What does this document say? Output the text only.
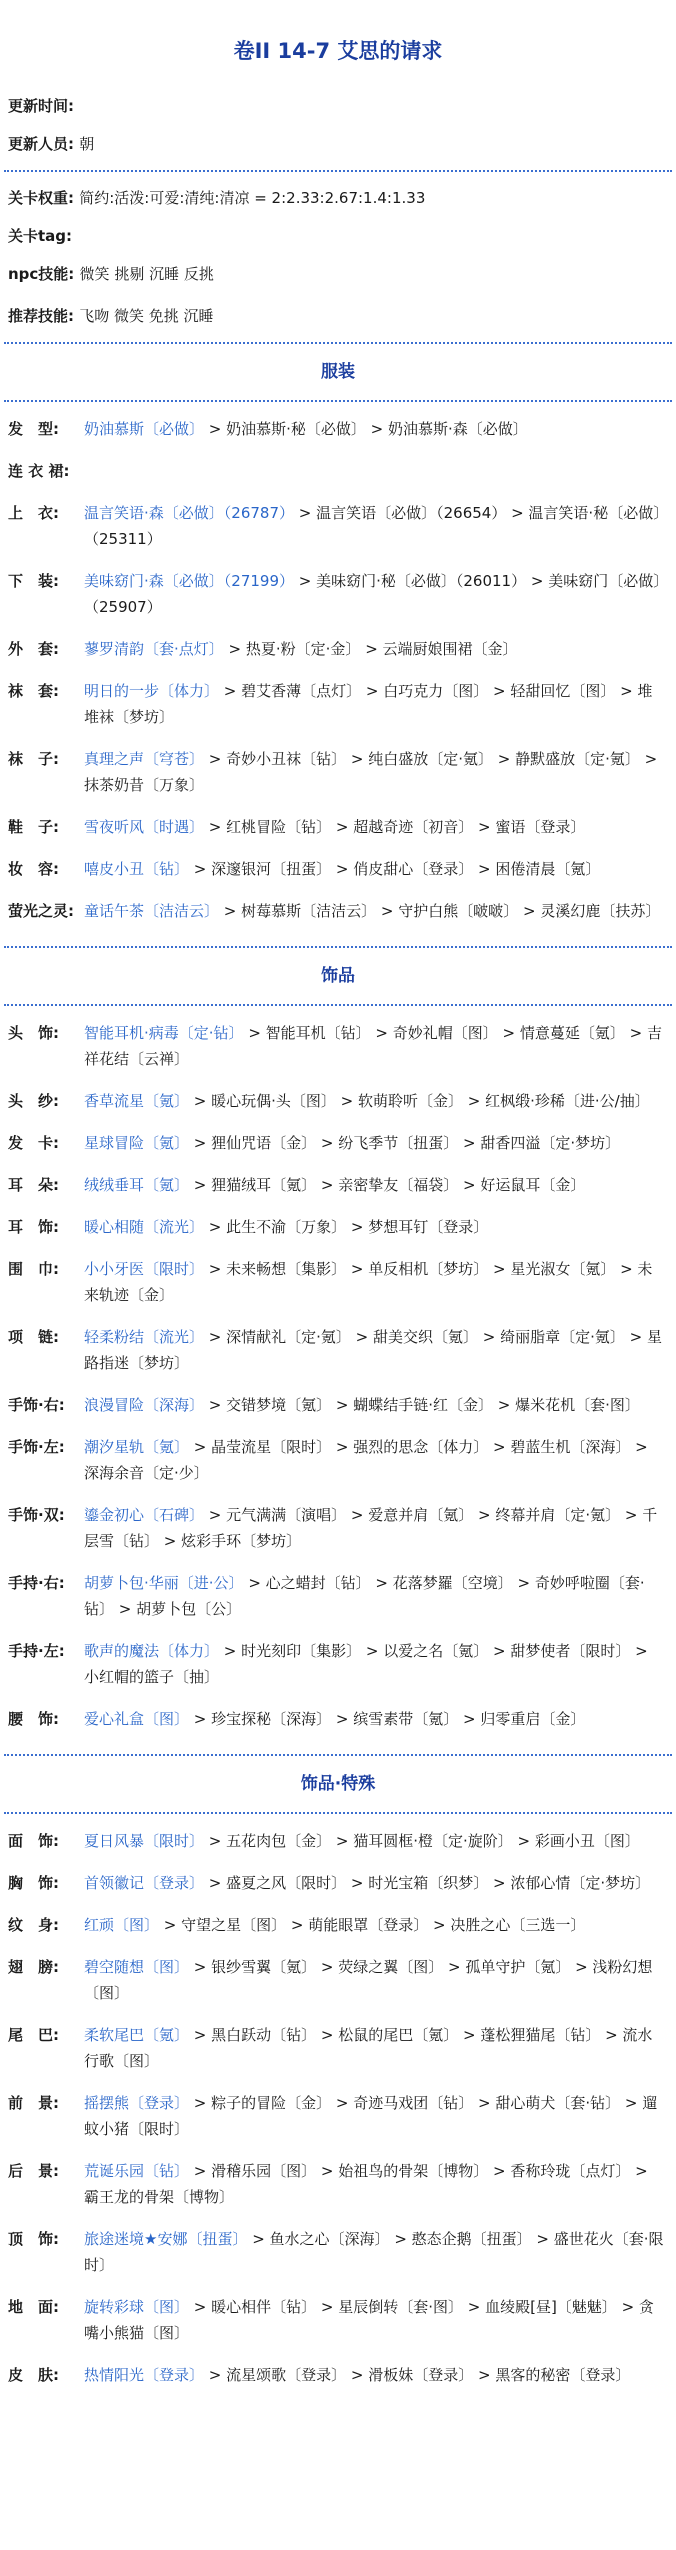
卷II 14-7 艾思的请求
更新时间:
更新人员: 朝
关卡权重: 简约:活泼:可爱:清纯:清凉 = 2:2.33:2.67:1.4:1.33
关卡tag:
npc技能: 微笑 挑剔 沉睡 反挑
推荐技能: 飞吻 微笑 免挑 沉睡
服装
发　型:	奶油慕斯〔必做〕 > 奶油慕斯·秘〔必做〕 > 奶油慕斯·森〔必做〕
连 衣 裙:
上　衣:	温言笑语·森〔必做〕（26787） > 温言笑语〔必做〕（26654） > 温言笑语·秘〔必做〕（25311）
下　装:	美味窈门·森〔必做〕（27199） > 美味窈门·秘〔必做〕（26011） > 美味窈门〔必做〕（25907）
外　套:	蓼罗清韵〔套·点灯〕 > 热夏·粉〔定·金〕 > 云端厨娘围裙〔金〕
袜　套:	明日的一步〔体力〕 > 碧艾香薄〔点灯〕 > 白巧克力〔图〕 > 轻甜回忆〔图〕 > 堆堆袜〔梦坊〕
袜　子:	真理之声〔穹苍〕 > 奇妙小丑袜〔钻〕 > 纯白盛放〔定·氪〕 > 静默盛放〔定·氪〕 > 抹茶奶昔〔万象〕
鞋　子:	雪夜听风〔时遇〕 > 红桃冒险〔钻〕 > 超越奇迹〔初音〕 > 蜜语〔登录〕
妆　容:	嘻皮小丑〔钻〕 > 深邃银河〔扭蛋〕 > 俏皮甜心〔登录〕 > 困倦清晨〔氪〕
萤光之灵: 童话午茶〔洁洁云〕 > 树莓慕斯〔洁洁云〕 > 守护白熊〔啵啵〕 > 灵溪幻鹿〔扶苏〕
饰品
头　饰:	智能耳机·病毒〔定·钻〕 > 智能耳机〔钻〕 > 奇妙礼帽〔图〕 > 情意蔓延〔氪〕 > 吉祥花结〔云禅〕
头　纱:	香草流星〔氪〕 > 暖心玩偶·头〔图〕 > 软萌聆听〔金〕 > 红枫缎·珍稀〔进·公/抽〕
发　卡:	星球冒险〔氪〕 > 狸仙咒语〔金〕 > 纷飞季节〔扭蛋〕 > 甜香四溢〔定·梦坊〕
耳　朵:	绒绒垂耳〔氪〕 > 狸猫绒耳〔氪〕 > 亲密挚友〔福袋〕 > 好运鼠耳〔金〕
耳　饰:	暖心相随〔流光〕 > 此生不渝〔万象〕 > 梦想耳钉〔登录〕
围　巾:	小小牙医〔限时〕 > 未来畅想〔集影〕 > 单反相机〔梦坊〕 > 星光淑女〔氪〕 > 未来轨迹〔金〕
项　链:	轻柔粉结〔流光〕 > 深情献礼〔定·氪〕 > 甜美交织〔氪〕 > 绮丽脂章〔定·氪〕 > 星路指迷〔梦坊〕
手饰·右:	浪漫冒险〔深海〕 > 交错梦境〔氪〕 > 蝴蝶结手链·红〔金〕 > 爆米花机〔套·图〕
手饰·左:	潮汐星轨〔氪〕 > 晶莹流星〔限时〕 > 强烈的思念〔体力〕 > 碧蓝生机〔深海〕 > 深海余音〔定·少〕
手饰·双:	鎏金初心〔石碑〕 > 元气满满〔演唱〕 > 爱意并肩〔氪〕 > 终幕并肩〔定·氪〕 > 千层雪〔钻〕 > 炫彩手环〔梦坊〕
手持·右:	胡萝卜包·华丽〔进·公〕 > 心之蜡封〔钻〕 > 花落梦羅〔空境〕 > 奇妙呼啦圈〔套·钻〕 > 胡萝卜包〔公〕
手持·左:	歌声的魔法〔体力〕 > 时光刻印〔集影〕 > 以爱之名〔氪〕 > 甜梦使者〔限时〕 > 小红帽的篮子〔抽〕
腰　饰:	爱心礼盒〔图〕 > 珍宝探秘〔深海〕 > 缤雪素带〔氪〕 > 归零重启〔金〕
饰品·特殊
面　饰:	夏日风暴〔限时〕 > 五花肉包〔金〕 > 猫耳圆框·橙〔定·旋阶〕 > 彩画小丑〔图〕
胸　饰:	首领徽记〔登录〕 > 盛夏之风〔限时〕 > 时光宝箱〔织梦〕 > 浓郁心情〔定·梦坊〕
纹　身:	红顽〔图〕 > 守望之星〔图〕 > 萌能眼罩〔登录〕 > 决胜之心〔三选一〕
翅　膀:	碧空随想〔图〕 > 银纱雪翼〔氪〕 > 荧绿之翼〔图〕 > 孤单守护〔氪〕 > 浅粉幻想〔图〕
尾　巴:	柔软尾巴〔氪〕 > 黑白跃动〔钻〕 > 松鼠的尾巴〔氪〕 > 蓬松狸猫尾〔钻〕 > 流水行歌〔图〕
前　景:	摇摆熊〔登录〕 > 粽子的冒险〔金〕 > 奇迹马戏团〔钻〕 > 甜心萌犬〔套·钻〕 > 遛蚊小猪〔限时〕
后　景:	荒诞乐园〔钻〕 > 滑稽乐园〔图〕 > 始祖鸟的骨架〔博物〕 > 香称玲珑〔点灯〕 > 霸王龙的骨架〔博物〕
顶　饰:	旅途迷境★安娜〔扭蛋〕 > 鱼水之心〔深海〕 > 憨态企鹅〔扭蛋〕 > 盛世花火〔套·限时〕
地　面:	旋转彩球〔图〕 > 暖心相伴〔钻〕 > 星辰倒转〔套·图〕 > 血绫殿[昼]〔魅魅〕 > 贪嘴小熊猫〔图〕
皮　肤:	热情阳光〔登录〕 > 流星颂歌〔登录〕 > 滑板妹〔登录〕 > 黑客的秘密〔登录〕
